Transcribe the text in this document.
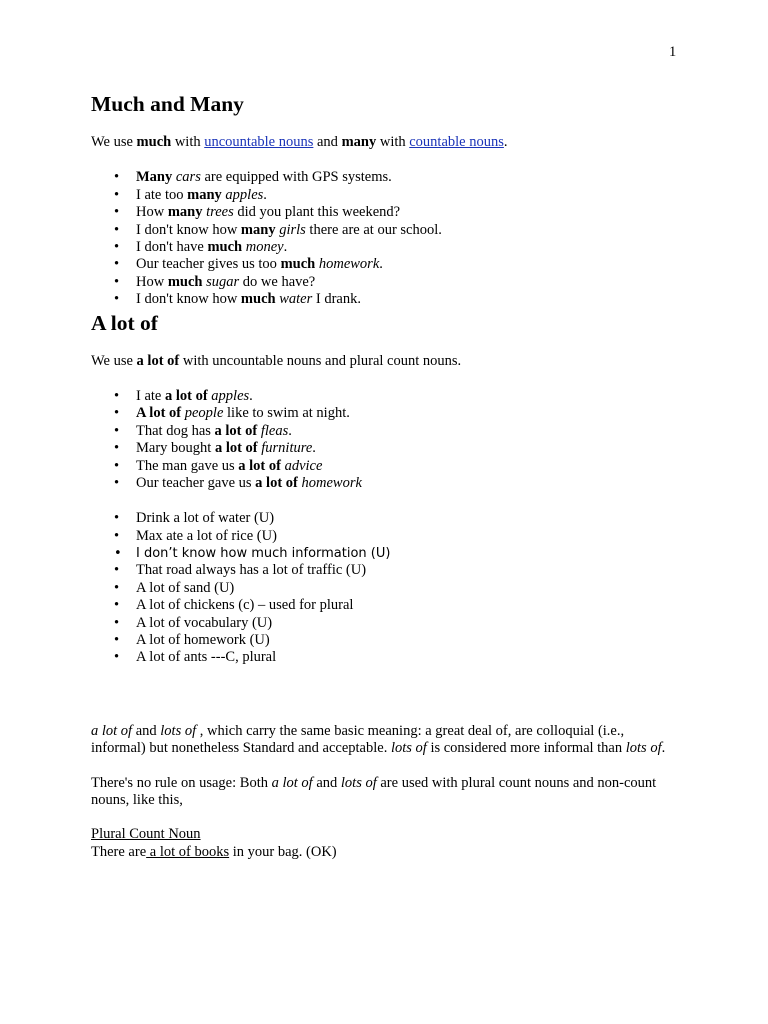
1
Much and Many

We use much with uncountable nouns and many with countable nouns.

• Many cars are equipped with GPS systems.
• I ate too many apples.
• How many trees did you plant this weekend?
• I don't know how many girls there are at our school.
• I don't have much money.
• Our teacher gives us too much homework.
• How much sugar do we have?
• I don't know how much water I drank.
A lot of

We use a lot of with uncountable nouns and plural count nouns.

• I ate a lot of apples.
• A lot of people like to swim at night.
• That dog has a lot of fleas.
• Mary bought a lot of furniture.
• The man gave us a lot of advice
• Our teacher gave us a lot of homework
• Drink a lot of water (U)
• Max ate a lot of rice (U)
• I don’t know how much information (U)
• That road always has a lot of traffic (U)
• A lot of sand (U)
• A lot of chickens (c) – used for plural
• A lot of vocabulary (U)
• A lot of homework (U)
• A lot of ants ---C, plural

a lot of and lots of , which carry the same basic meaning: a great deal of, are colloquial (i.e., informal) but nonetheless Standard and acceptable. lots of is considered more informal than lots of.

There's no rule on usage: Both a lot of and lots of are used with plural count nouns and non-count nouns, like this,

Plural Count Noun

There are a lot of books in your bag. (OK)
